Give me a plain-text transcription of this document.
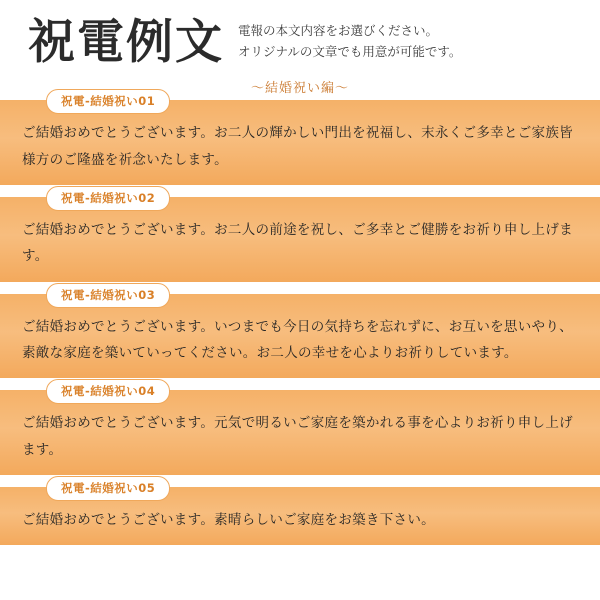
祝電例文 電報の本文内容をお選びください。
オリジナルの文章でも用意が可能です。
〜結婚祝い編〜
祝電-結婚祝い01

ご結婚おめでとうございます。お二人の輝かしい門出を祝福し、末永くご多幸とご家族皆様方のご隆盛を祈念いたします。

祝電-結婚祝い02

ご結婚おめでとうございます。お二人の前途を祝し、ご多幸とご健勝をお祈り申し上げます。

祝電-結婚祝い03

ご結婚おめでとうございます。いつまでも今日の気持ちを忘れずに、お互いを思いやり、素敵な家庭を築いていってください。お二人の幸せを心よりお祈りしています。

祝電-結婚祝い04

ご結婚おめでとうございます。元気で明るいご家庭を築かれる事を心よりお祈り申し上げます。

祝電-結婚祝い05

ご結婚おめでとうございます。素晴らしいご家庭をお築き下さい。
